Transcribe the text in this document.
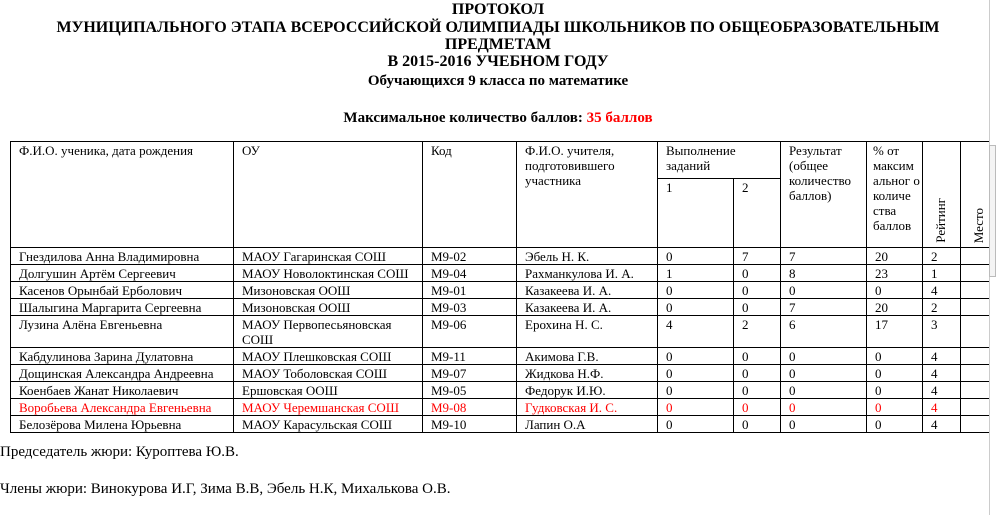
ПРОТОКОЛ
МУНИЦИПАЛЬНОГО ЭТАПА ВСЕРОССИЙСКОЙ ОЛИМПИАДЫ ШКОЛЬНИКОВ ПО ОБЩЕОБРАЗОВАТЕЛЬНЫМ
ПРЕДМЕТАМ
В 2015-2016 УЧЕБНОМ ГОДУ
Обучающихся 9 класса по математике
Максимальное количество баллов: 35 баллов
Ф.И.О. ученика, дата рождения	ОУ	Код	Ф.И.О. учителя, подготовившего участника	Выполнение заданий		Результат (общее количество баллов)	% от максим альног о количе ства баллов	Рейтинг	Место
				1	2				
Гнездилова Анна Владимировна	МАОУ Гагаринская СОШ	М9-02	Эбель Н. К.	0	7	7	20	2	
Долгушин Артём Сергеевич	МАОУ Новолоктинская СОШ	М9-04	Рахманкулова И. А.	1	0	8	23	1	
Касенов Орынбай Ерболович	Мизоновская ООШ	М9-01	Казакеева И. А.	0	0	0	0	4	
Шалыгина Маргарита Сергеевна	Мизоновская ООШ	М9-03	Казакеева И. А.	0	0	7	20	2	
Лузина Алёна Евгеньевна	МАОУ Первопесьяновская СОШ	М9-06	Ерохина Н. С.	4	2	6	17	3	
Кабдулинова Зарина Дулатовна	МАОУ Плешковская СОШ	М9-11	Акимова Г.В.	0	0	0	0	4	
Дощинская Александра Андреевна	МАОУ Тоболовская СОШ	М9-07	Жидкова Н.Ф.	0	0	0	0	4	
Коенбаев Жанат Николаевич	Ершовская ООШ	М9-05	Федорук И.Ю.	0	0	0	0	4	
Воробьева Александра Евгеньевна	МАОУ Черемшанская СОШ	М9-08	Гудковская И. С.	0	0	0	0	4	
Белозёрова Милена Юрьевна	МАОУ Карасульская СОШ	М9-10	Лапин О.А	0	0	0	0	4	
Председатель жюри: Куроптева Ю.В.
Члены жюри: Винокурова И.Г, Зима В.В, Эбель Н.К, Михалькова О.В.
